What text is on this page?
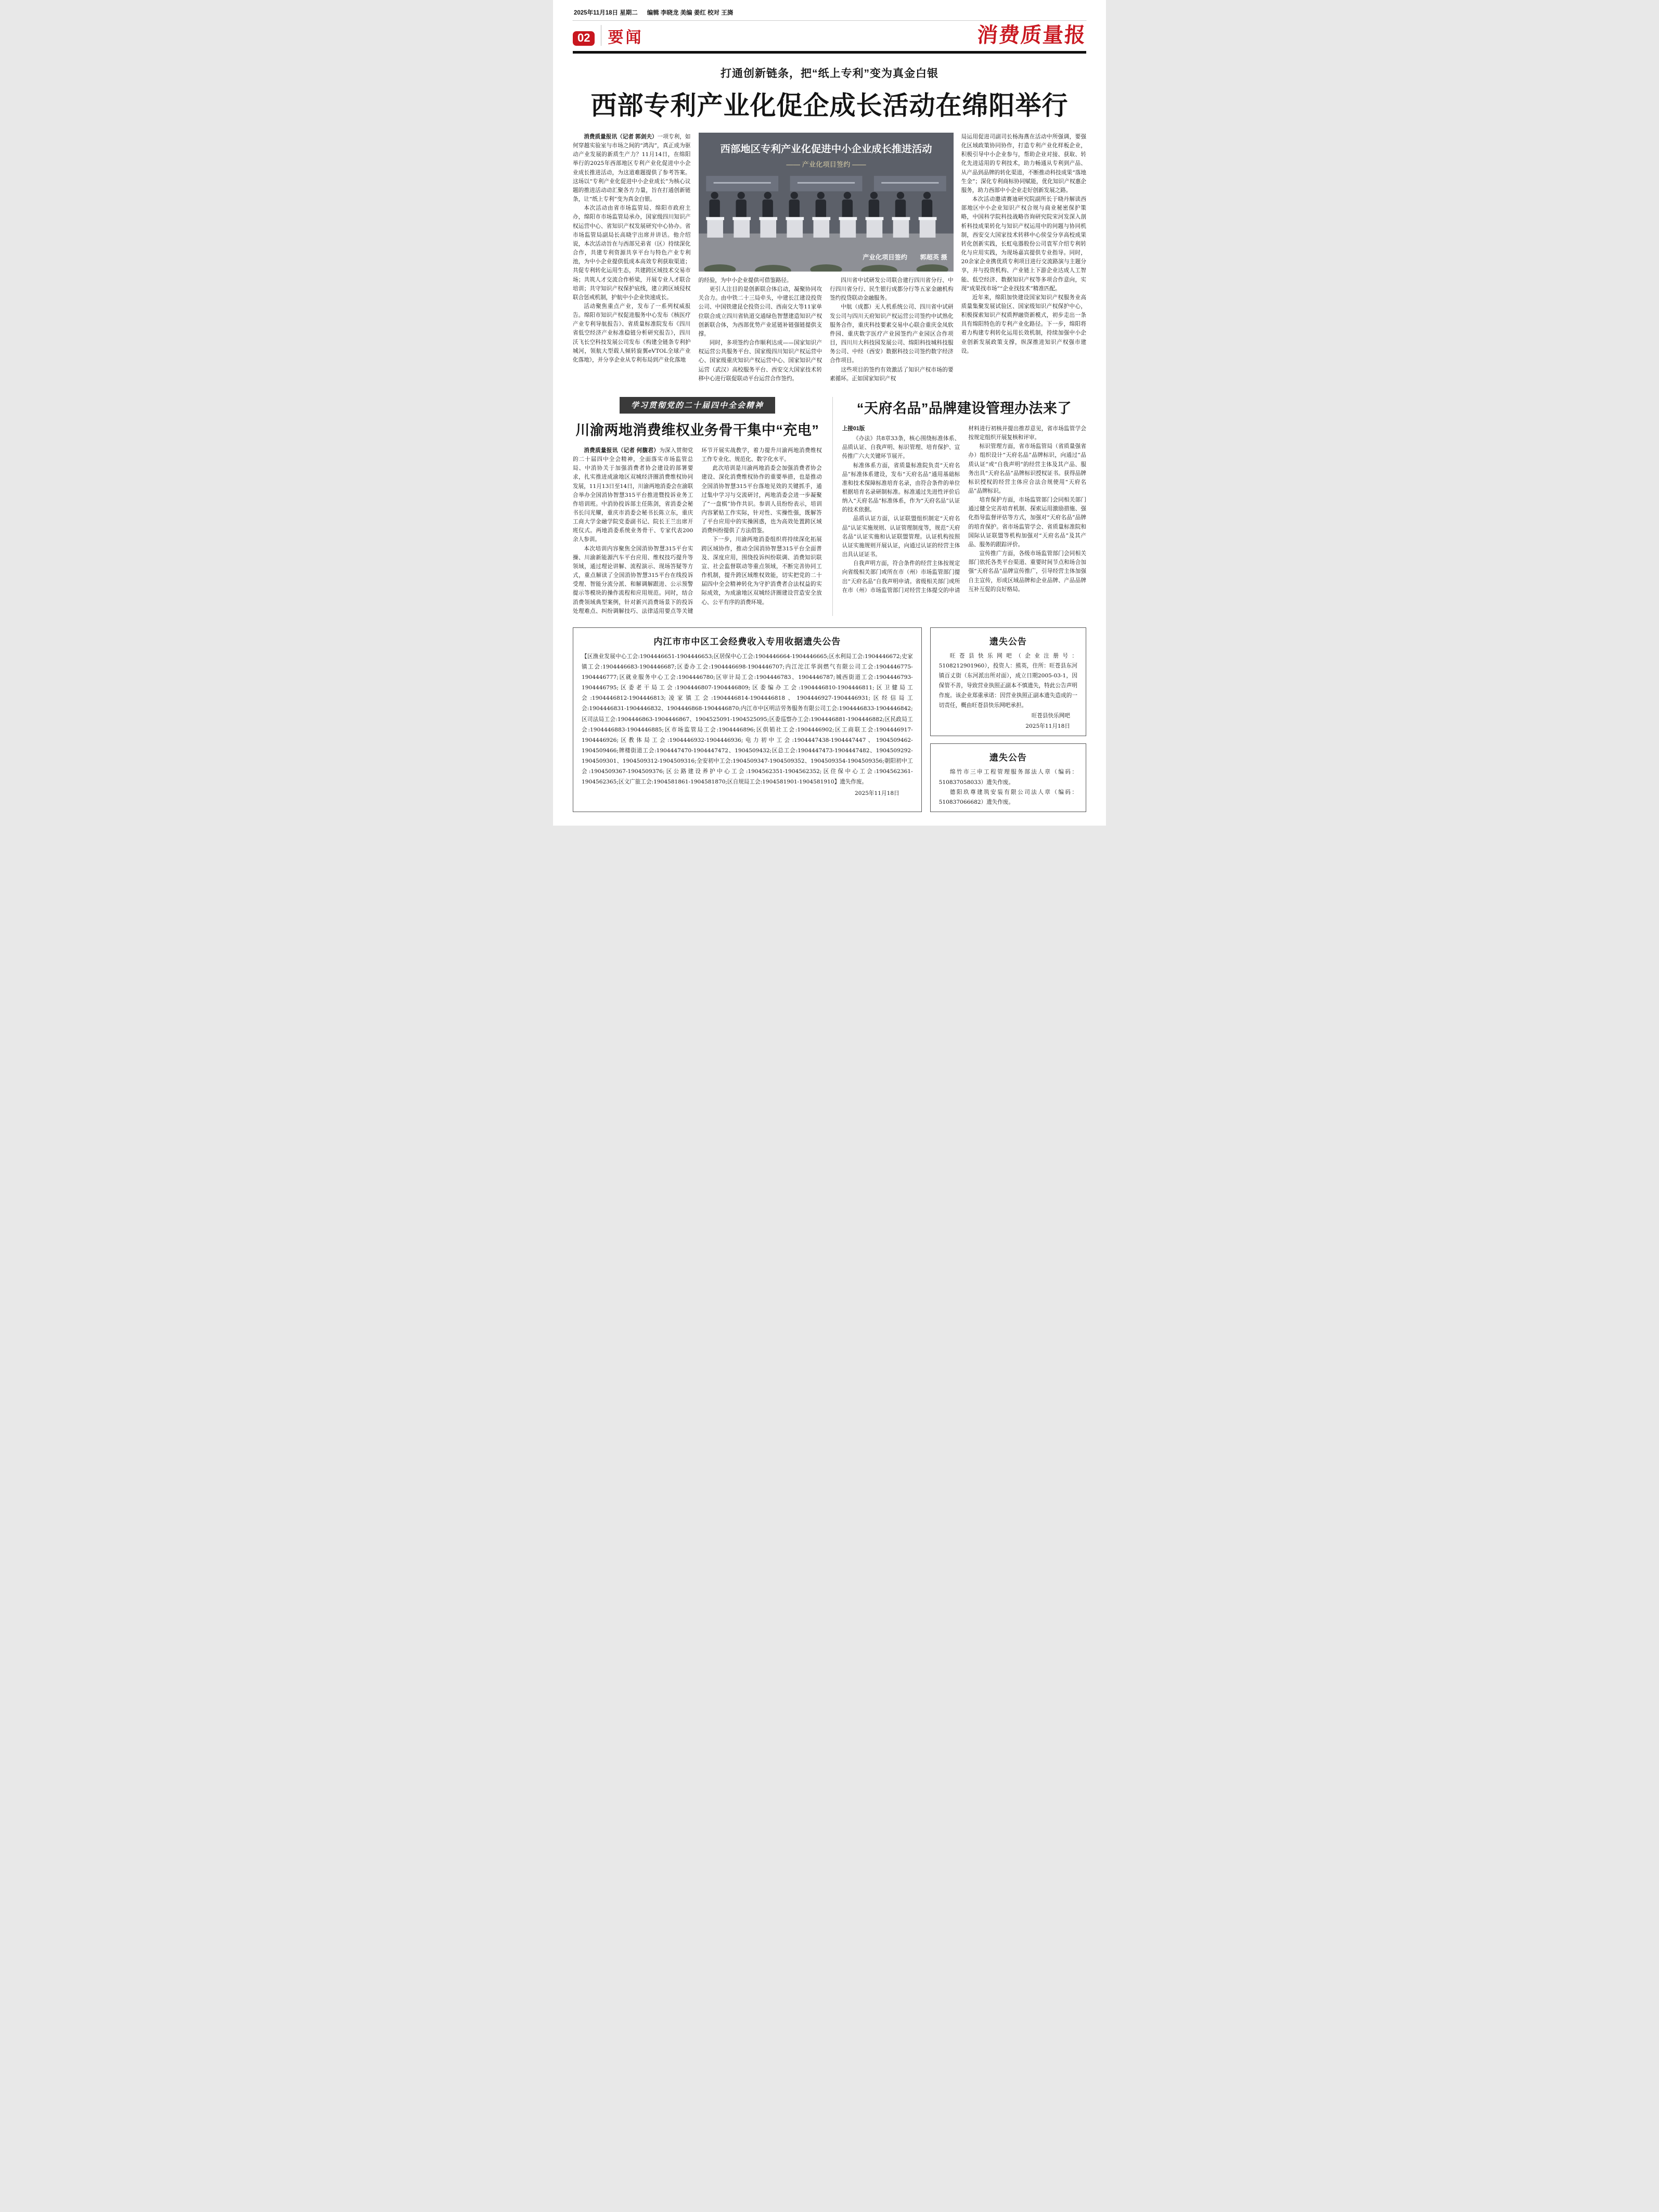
2025年11月18日 星期二 编辑 李晓龙 美编 姜红 校对 王旖
02	要闻	消费质量报
打通创新链条，把“纸上专利”变为真金白银
西部专利产业化促企成长活动在绵阳举行

消费质量报讯（记者 郭剑夫）一项专利，如何穿越实验室与市场之间的“鸿沟”，真正成为驱动产业发展的新质生产力？11月14日，在绵阳举行的2025年西部地区专利产业化促进中小企业成长推进活动，为这道难题提供了参考答案。这场以“专利产业化促进中小企业成长”为核心议题的推进活动动汇聚各方力量，旨在打通创新链条，让“纸上专利”变为真金白银。

本次活动由省市场监管局、绵阳市政府主办，绵阳市市场监管局承办，国家级四川知识产权运营中心、省知识产权发展研究中心协办。省市场监管局副局长高晓宇出席并讲话。他介绍说，本次活动旨在与西部兄弟省（区）持续深化合作，共建专利资源共享平台与特色产业专利池，为中小企业提供低成本高效专利获取渠道；共促专利转化运用生态，共建跨区域技术交易市场；共筑人才交流合作桥梁，开展专业人才联合培训；共守知识产权保护底线，建立跨区域侵权联合惩戒机制，护航中小企业快速成长。

活动聚焦重点产业，发布了一系列权威报告。绵阳市知识产权促进服务中心发布《核医疗产业专利导航报告》、省质量标准院发布《四川省低空经济产业标准稳链分析研究报告》，四川沃飞长空科技发展公司发布《构建全链条专利护城河，领航大型载人倾转旋翼eVTOL全球产业化落地》，并分享企业从专利布局到产业化落地

西部地区专利产业化促进中小企业成长推进活动
—— 产业化项目签约 ——
产业化项目签约　　郭超英 摄

的经验，为中小企业提供可借鉴路径。

更引人注目的是创新联合体启动，凝聚协同攻关合力。由中铁二十三局牵头，中建长江建设投资公司、中国铁建昆仑投资公司、西南交大等11家单位联合成立四川省轨道交通绿色智慧建造知识产权创新联合体，为西部优势产业延链补链强链提供支撑。

同时，多项签约合作顺利达成——国家知识产权运营公共服务平台、国家级四川知识产权运营中心、国家级重庆知识产权运营中心、国家知识产权运营（武汉）高校服务平台、西安交大国家技术转移中心进行联促联动平台运营合作签约。

四川省中试研发公司联合建行四川省分行、中行四川省分行、民生银行成都分行等五家金融机构签约投贷联动金融服务。

中航（成都）无人机系统公司、四川省中试研发公司与四川天府知识产权运营公司签约中试熟化服务合作，重庆科技要素交易中心联合重庆金凤软件园、重庆数字医疗产业园签约产业园区合作项目，四川川大科技园发展公司、绵阳科技城科技服务公司、中经（西安）数据科技公司签约数字经济合作项目。

这些项目的签约有效激活了知识产权市场的要素循环。正如国家知识产权

局运用促进司副司长杨海燕在活动中所强调，要强化区域政策协同协作，打造专利产业化样板企业，积极引导中小企业参与，帮助企业对接、获取、转化先进适用的专利技术，助力畅通从专利到产品、从产品到品牌的转化渠道，不断推动科技成果“落地生金”；深化专利商标协同赋能，优化知识产权惠企服务，助力西部中小企业走好创新发展之路。

本次活动邀请赛迪研究院副所长于晓丹解读西部地区中小企业知识产权合规与商业秘密保护策略，中国科学院科技战略咨询研究院宋河发深入剖析科技成果转化与知识产权运用中的问题与协同机制，西安交大国家技术转移中心侯莹分享高校成果转化创新实践，长虹电器股份公司袁军介绍专利转化与应用实践，为现场嘉宾提供专业指导。同时，20余家企业携优质专利项目进行交流路演与主题分享，并与投资机构、产业链上下游企业达成人工智能、低空经济、数据知识产权等多项合作意向，实现“成果找市场”“企业找技术”精准匹配。

近年来，绵阳加快建设国家知识产权服务业高质量集聚发展试验区、国家级知识产权保护中心，积极探索知识产权质押融资新模式，初步走出一条具有绵阳特色的专利产业化路径。下一步，绵阳将着力构建专利转化运用长效机制，持续加强中小企业创新发展政策支撑，纵深推进知识产权强市建设。

学习贯彻党的二十届四中全会精神
川渝两地消费维权业务骨干集中“充电”

消费质量报讯（记者 何馥君）为深入贯彻党的二十届四中全会精神，全面落实市场监管总局、中消协关于加强消费者协会建设的部署要求，扎实推进成渝地区双城经济圈消费维权协同发展，11月13日至14日，川渝两地消委会在渝联合举办全国消协智慧315平台推进暨投诉业务工作培训班。中消协投诉部主任陈剑，省消委会秘书长闫光耀，重庆市消委会秘书长陈立东，重庆工商大学金融学院党委副书记、院长王兰出席开班仪式。两地消委系统业务骨干、专家代表200余人参训。

本次培训内容聚焦全国消协智慧315平台实操、川渝新能源汽车平台应用、维权技巧提升等领域，通过理论讲解、流程演示、现场答疑等方式，重点解读了全国消协智慧315平台在线投诉受理、智能分流分派、和解调解跟进、公示预警提示等模块的操作流程和应用规范。同时，结合消费领域典型案例，针对新兴消费场景下的投诉处理难点、纠纷调解技巧、法律适用要点等关键环节开展实战教学，着力提升川渝两地消费维权工作专业化、规范化、数字化水平。

此次培训是川渝两地消委会加强消费者协会建设、深化消费维权协作的重要举措，也是推动全国消协智慧315平台落地见效的关键抓手，通过集中学习与交流研讨，两地消委会进一步凝聚了“一盘棋”协作共识。参训人员纷纷表示，培训内容紧贴工作实际，针对性、实操性强，既解答了平台应用中的实操困惑，也为高效处置跨区域消费纠纷提供了方法借鉴。

下一步，川渝两地消委组织将持续深化拓展跨区域协作，推动全国消协智慧315平台全面普及、深度应用，围绕投诉纠纷联调、消费知识联宣、社会监督联动等重点领域，不断完善协同工作机制，提升跨区域维权效能，切实把党的二十届四中全会精神转化为守护消费者合法权益的实际成效，为成渝地区双城经济圈建设营造安全放心、公平有序的消费环境。

“天府名品”品牌建设管理办法来了

上接01版

《办法》共8章33条，核心围绕标准体系、品质认证、自我声明、标识管理、培育保护、宣传推广六大关键环节展开。

标准体系方面，省质量标准院负责“天府名品”标准体系建设，发布“天府名品”通用基础标准和技术保障标准培育名录，由符合条件的单位根据培育名录研制标准。标准通过先进性评价后纳入“天府名品”标准体系，作为“天府名品”认证的技术依据。

品质认证方面，认证联盟组织制定“天府名品”认证实施规则、认证管理制度等，规范“天府名品”认证实施和认证联盟管理。认证机构按照认证实施规则开展认证，向通过认证的经营主体出具认证证书。

自我声明方面，符合条件的经营主体按规定向省级相关部门或所在市（州）市场监管部门提出“天府名品”自我声明申请。省级相关部门或所在市（州）市场监管部门对经营主体提交的申请材料进行初核并提出推荐意见，省市场监管学会按规定组织开展复核和评审。

标识管理方面，省市场监管局（省质量强省办）组织设计“天府名品”品牌标识，向通过“品质认证”或“自我声明”的经营主体及其产品、服务出具“天府名品”品牌标识授权证书。获得品牌标识授权的经营主体应合法合规使用“天府名品”品牌标识。

培育保护方面，市场监管部门会同相关部门通过健全完善培育机制、探索运用激励措施、强化指导监督评估等方式，加强对“天府名品”品牌的培育保护。省市场监管学会、省质量标准院和国际认证联盟等机构加强对“天府名品”及其产品、服务的跟踪评价。

宣传推广方面，各级市场监管部门会同相关部门依托各类平台渠道、重要时间节点和场合加强“天府名品”品牌宣传推广，引导经营主体加强自主宣传，形成区域品牌和企业品牌、产品品牌互补互促的良好格局。

内江市市中区工会经费收入专用收据遗失公告

【区渔业发展中心工会:1904446651-1904446653;区居保中心工会:1904446664-1904446665;区水利局工会:1904446672;史家镇工会:1904446683-1904446687;区委办工会:1904446698-1904446707;内江沱江华润燃气有限公司工会:1904446775-1904446777;区就业服务中心工会:1904446780;区审计局工会:1904446783、1904446787;城西街道工会:1904446793-1904446795;区委老干局工会:1904446807-1904446809;区委编办工会:1904446810-1904446811;区卫健局工会:1904446812-1904446813;凌家镇工会:1904446814-1904446818、1904446927-1904446931;区经信局工会:1904446831-1904446832、1904446868-1904446870;内江市中区明洁劳务服务有限公司工会:1904446833-1904446842;区司法局工会:1904446863-1904446867、1904525091-1904525095;区委巡察办工会:1904446881-1904446882;区民政局工会:1904446883-1904446885;区市场监管局工会:1904446896;区供销社工会:1904446902;区工商联工会:1904446917-1904446926;区教体局工会:1904446932-1904446936;电力初中工会:1904447438-1904447447、1904509462-1904509466;牌楼街道工会:1904447470-1904447472、1904509432;区总工会:1904447473-1904447482、1904509292-1904509301、1904509312-1904509316;全安初中工会:1904509347-1904509352、1904509354-1904509356;朝阳初中工会:1904509367-1904509376;区公路建设养护中心工会:1904562351-1904562352;区住保中心工会:1904562361-1904562365;区文广旅工会:1904581861-1904581870;区自规局工会:1904581901-1904581910】遗失作废。

2025年11月18日
遗失公告

旺苍县快乐网吧（企业注册号：5108212901960），投资人：熊英，住所：旺苍县东河镇百丈街（东河派出所对面），成立日期2005-03-1，因保管不善，导致营业执照正副本不慎遗失，特此公告声明作废。该企业郑重承诺：因营业执照正副本遗失造成的一切责任，概由旺苍县快乐网吧承担。

旺苍县快乐网吧
2025年11月18日
遗失公告

绵竹市三申工程管理服务部法人章（编码：510837058033）遗失作废。

德阳玖尊建筑安装有限公司法人章（编码：510837066682）遗失作废。
